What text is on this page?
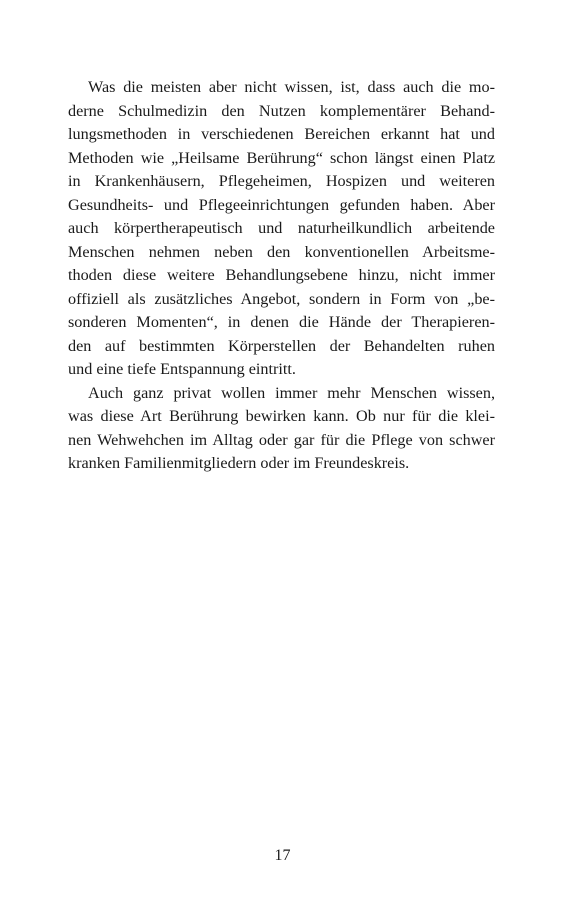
Was die meisten aber nicht wissen, ist, dass auch die mo-
derne Schulmedizin den Nutzen komplementärer Behand-
lungsmethoden in verschiedenen Bereichen erkannt hat und
Methoden wie „Heilsame Berührung“ schon längst einen Platz
in Krankenhäusern, Pflegeheimen, Hospizen und weiteren
Gesundheits- und Pflegeeinrichtungen gefunden haben. Aber
auch körpertherapeutisch und naturheilkundlich arbeitende
Menschen nehmen neben den konventionellen Arbeitsme-
thoden diese weitere Behandlungsebene hinzu, nicht immer
offiziell als zusätzliches Angebot, sondern in Form von „be-
sonderen Momenten“, in denen die Hände der Therapieren-
den auf bestimmten Körperstellen der Behandelten ruhen
und eine tiefe Entspannung eintritt.
Auch ganz privat wollen immer mehr Menschen wissen,
was diese Art Berührung bewirken kann. Ob nur für die klei-
nen Wehwehchen im Alltag oder gar für die Pflege von schwer
kranken Familienmitgliedern oder im Freundeskreis.
17
